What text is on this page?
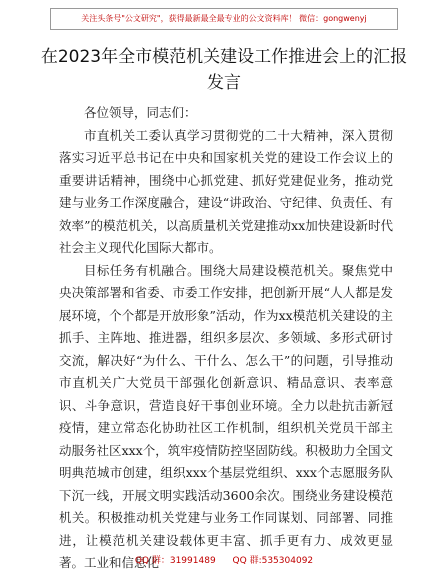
关注头条号"公文研究"，获得最新最全最专业的公文资料库！ 微信：gongwenyj
在2023年全市模范机关建设工作推进会上的汇报发言

各位领导，同志们：

市直机关工委认真学习贯彻党的二十大精神，深入贯彻落实习近平总书记在中央和国家机关党的建设工作会议上的重要讲话精神，围绕中心抓党建、抓好党建促业务，推动党建与业务工作深度融合，建设“讲政治、守纪律、负责任、有效率”的模范机关，以高质量机关党建推动xx加快建设新时代社会主义现代化国际大都市。

目标任务有机融合。围绕大局建设模范机关。聚焦党中央决策部署和省委、市委工作安排，把创新开展“人人都是发展环境，个个都是开放形象”活动，作为xx模范机关建设的主抓手、主阵地、推进器，组织多层次、多领域、多形式研讨交流，解决好“为什么、干什么、怎么干”的问题，引导推动市直机关广大党员干部强化创新意识、精品意识、表率意识、斗争意识，营造良好干事创业环境。全力以赴抗击新冠疫情，建立常态化协助社区工作机制，组织机关党员干部主动服务社区xxx个，筑牢疫情防控坚固防线。积极助力全国文明典范城市创建，组织xxx个基层党组织、xxx个志愿服务队下沉一线，开展文明实践活动3600余次。围绕业务建设模范机关。积极推动机关党建与业务工作同谋划、同部署、同推进，让模范机关建设载体更丰富、抓手更有力、成效更显著。工业和信息化

QQ 群：31991489 QQ 群:535304092
